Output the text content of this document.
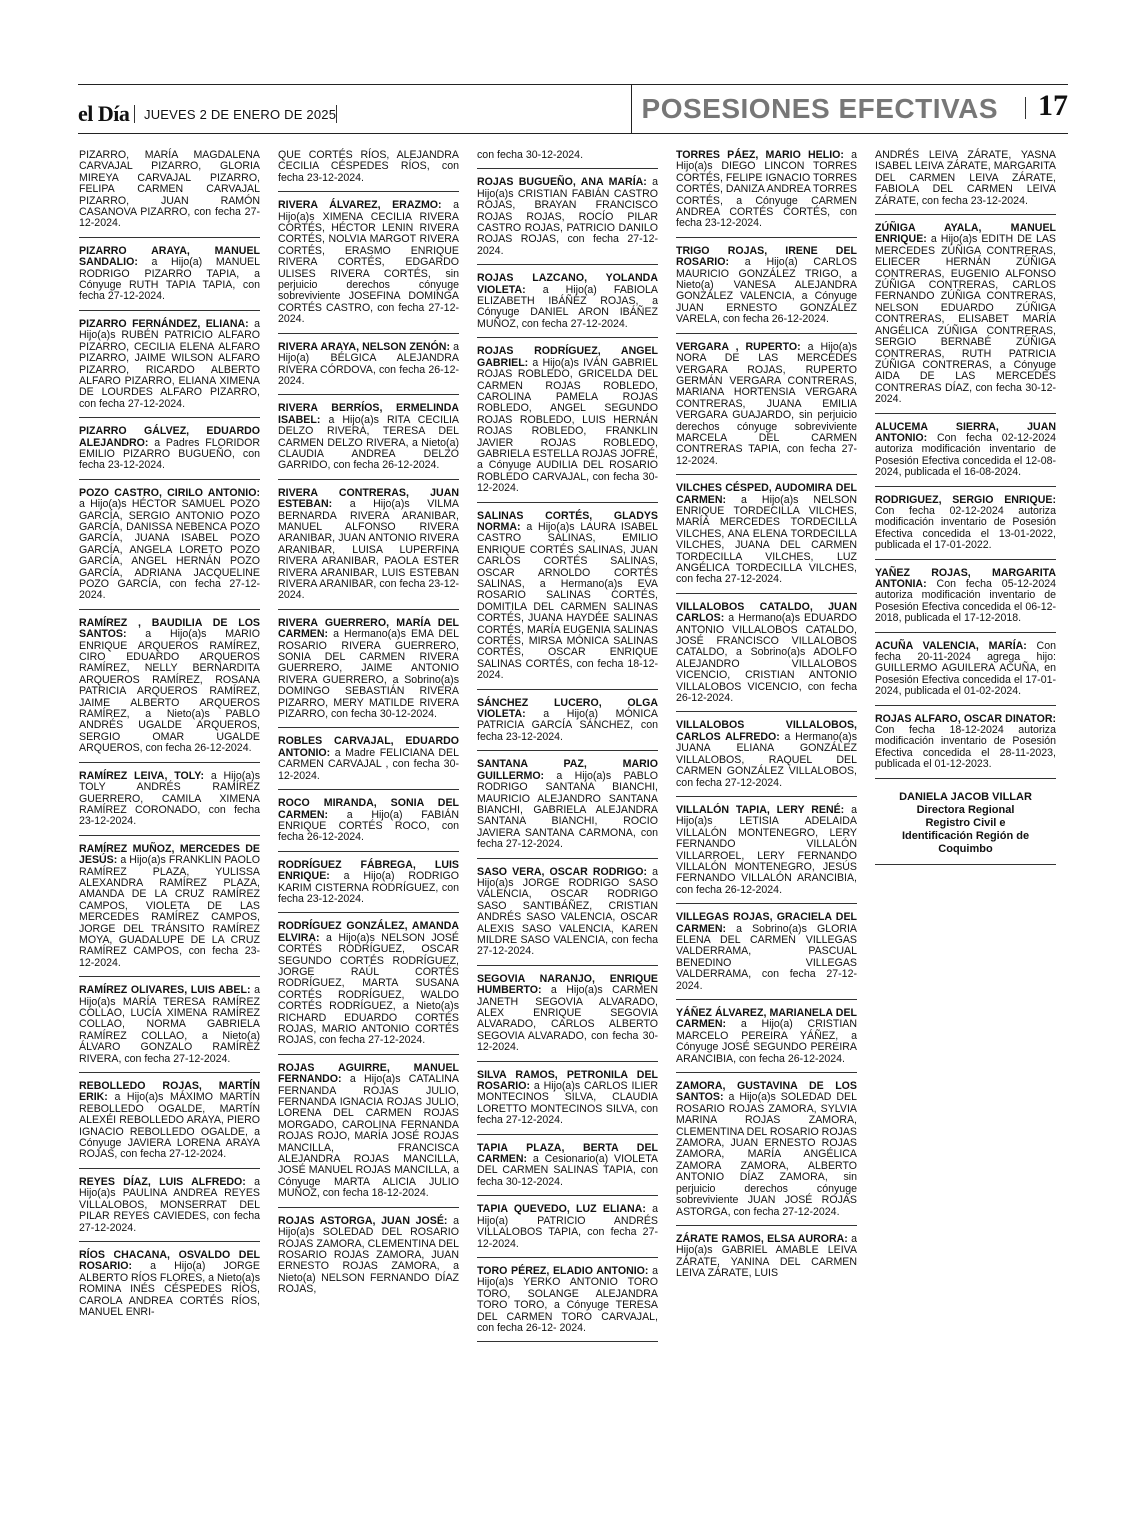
el Día JUEVES 2 DE ENERO DE 2025	POSESIONES EFECTIVAS 17
PIZARRO, MARÍA MAGDALENA CARVAJAL PIZARRO, GLORIA MIREYA CARVAJAL PIZARRO, FELIPA CARMEN CARVAJAL PIZARRO, JUAN RAMÓN CASANOVA PIZARRO, con fecha 27-12-2024.
PIZARRO ARAYA, MANUEL SANDALIO: a Hijo(a) MANUEL RODRIGO PIZARRO TAPIA, a Cónyuge RUTH TAPIA TAPIA, con fecha 27-12-2024.
PIZARRO FERNÁNDEZ, ELIANA: a Hijo(a)s RUBÉN PATRICIO ALFARO PIZARRO, CECILIA ELENA ALFARO PIZARRO, JAIME WILSON ALFARO PIZARRO, RICARDO ALBERTO ALFARO PIZARRO, ELIANA XIMENA DE LOURDES ALFARO PIZARRO, con fecha 27-12-2024.
PIZARRO GÁLVEZ, EDUARDO ALEJANDRO: a Padres FLORIDOR EMILIO PIZARRO BUGUEÑO, con fecha 23-12-2024.
POZO CASTRO, CIRILO ANTONIO: a Hijo(a)s HÉCTOR SAMUEL POZO GARCÍA, SERGIO ANTONIO POZO GARCÍA, DANISSA NEBENCA POZO GARCÍA, JUANA ISABEL POZO GARCÍA, ANGELA LORETO POZO GARCÍA, ANGEL HERNÁN POZO GARCÍA, ADRIANA JACQUELINE POZO GARCÍA, con fecha 27-12-2024.
RAMÍREZ , BAUDILIA DE LOS SANTOS: a Hijo(a)s MARIO ENRIQUE ARQUEROS RAMÍREZ, CIRO EDUARDO ARQUEROS RAMÍREZ, NELLY BERNARDITA ARQUEROS RAMÍREZ, ROSANA PATRICIA ARQUEROS RAMÍREZ, JAIME ALBERTO ARQUEROS RAMÍREZ, a Nieto(a)s PABLO ANDRÉS UGALDE ARQUEROS, SERGIO OMAR UGALDE ARQUEROS, con fecha 26-12-2024.
RAMÍREZ LEIVA, TOLY: a Hijo(a)s TOLY ANDRÉS RAMÍREZ GUERRERO, CAMILA XIMENA RAMÍREZ CORONADO, con fecha 23-12-2024.
RAMÍREZ MUÑOZ, MERCEDES DE JESÚS: a Hijo(a)s FRANKLIN PAOLO RAMÍREZ PLAZA, YULISSA ALEXANDRA RAMÍREZ PLAZA, AMANDA DE LA CRUZ RAMÍREZ CAMPOS, VIOLETA DE LAS MERCEDES RAMÍREZ CAMPOS, JORGE DEL TRÁNSITO RAMÍREZ MOYA, GUADALUPE DE LA CRUZ RAMÍREZ CAMPOS, con fecha 23-12-2024.
RAMÍREZ OLIVARES, LUIS ABEL: a Hijo(a)s MARÍA TERESA RAMÍREZ COLLAO, LUCÍA XIMENA RAMÍREZ COLLAO, NORMA GABRIELA RAMÍREZ COLLAO, a Nieto(a) ÁLVARO GONZALO RAMÍREZ RIVERA, con fecha 27-12-2024.
REBOLLEDO ROJAS, MARTÍN ERIK: a Hijo(a)s MÁXIMO MARTÍN REBOLLEDO OGALDE, MARTÍN ALEXÉI REBOLLEDO ARAYA, PIERO IGNACIO REBOLLEDO OGALDE, a Cónyuge JAVIERA LORENA ARAYA ROJAS, con fecha 27-12-2024.
REYES DÍAZ, LUIS ALFREDO: a Hijo(a)s PAULINA ANDREA REYES VILLALOBOS, MONSERRAT DEL PILAR REYES CAVIEDES, con fecha 27-12-2024.
RÍOS CHACANA, OSVALDO DEL ROSARIO: a Hijo(a) JORGE ALBERTO RÍOS FLORES, a Nieto(a)s ROMINA INÉS CÉSPEDES RÍOS, CAROLA ANDREA CORTÉS RÍOS, MANUEL ENRI-
QUE CORTÉS RÍOS, ALEJANDRA CECILIA CÉSPEDES RÍOS, con fecha 23-12-2024.
RIVERA ÁLVAREZ, ERAZMO: a Hijo(a)s XIMENA CECILIA RIVERA CORTÉS, HÉCTOR LENIN RIVERA CORTÉS, NOLVIA MARGOT RIVERA CORTÉS, ERASMO ENRIQUE RIVERA CORTÉS, EDGARDO ULISES RIVERA CORTÉS, sin perjuicio derechos cónyuge sobreviviente JOSEFINA DOMINGA CORTÉS CASTRO, con fecha 27-12-2024.
RIVERA ARAYA, NELSON ZENÓN: a Hijo(a) BÉLGICA ALEJANDRA RIVERA CÓRDOVA, con fecha 26-12-2024.
RIVERA BERRÍOS, ERMELINDA ISABEL: a Hijo(a)s RITA CECILIA DELZO RIVERA, TERESA DEL CARMEN DELZO RIVERA, a Nieto(a) CLAUDIA ANDREA DELZO GARRIDO, con fecha 26-12-2024.
RIVERA CONTRERAS, JUAN ESTEBAN: a Hijo(a)s VILMA BERNARDA RIVERA ARANIBAR, MANUEL ALFONSO RIVERA ARANIBAR, JUAN ANTONIO RIVERA ARANIBAR, LUISA LUPERFINA RIVERA ARANIBAR, PAOLA ESTER RIVERA ARANIBAR, LUIS ESTEBAN RIVERA ARANIBAR, con fecha 23-12-2024.
RIVERA GUERRERO, MARÍA DEL CARMEN: a Hermano(a)s EMA DEL ROSARIO RIVERA GUERRERO, SONIA DEL CARMEN RIVERA GUERRERO, JAIME ANTONIO RIVERA GUERRERO, a Sobrino(a)s DOMINGO SEBASTIÁN RIVERA PIZARRO, MERY MATILDE RIVERA PIZARRO, con fecha 30-12-2024.
ROBLES CARVAJAL, EDUARDO ANTONIO: a Madre FELICIANA DEL CARMEN CARVAJAL , con fecha 30-12-2024.
ROCO MIRANDA, SONIA DEL CARMEN: a Hijo(a) FABIÁN ENRIQUE CORTÉS ROCO, con fecha 26-12-2024.
RODRÍGUEZ FÁBREGA, LUIS ENRIQUE: a Hijo(a) RODRIGO KARIM CISTERNA RODRÍGUEZ, con fecha 23-12-2024.
RODRÍGUEZ GONZÁLEZ, AMANDA ELVIRA: a Hijo(a)s NELSON JOSÉ CORTÉS RODRÍGUEZ, OSCAR SEGUNDO CORTÉS RODRÍGUEZ, JORGE RAÚL CORTÉS RODRÍGUEZ, MARTA SUSANA CORTÉS RODRÍGUEZ, WALDO CORTÉS RODRÍGUEZ, a Nieto(a)s RICHARD EDUARDO CORTÉS ROJAS, MARIO ANTONIO CORTÉS ROJAS, con fecha 27-12-2024.
ROJAS AGUIRRE, MANUEL FERNANDO: a Hijo(a)s CATALINA FERNANDA ROJAS JULIO, FERNANDA IGNACIA ROJAS JULIO, LORENA DEL CARMEN ROJAS MORGADO, CAROLINA FERNANDA ROJAS ROJO, MARÍA JOSÉ ROJAS MANCILLA, FRANCISCA ALEJANDRA ROJAS MANCILLA, JOSÉ MANUEL ROJAS MANCILLA, a Cónyuge MARTA ALICIA JULIO MUÑOZ, con fecha 18-12-2024.
ROJAS ASTORGA, JUAN JOSÉ: a Hijo(a)s SOLEDAD DEL ROSARIO ROJAS ZAMORA, CLEMENTINA DEL ROSARIO ROJAS ZAMORA, JUAN ERNESTO ROJAS ZAMORA, a Nieto(a) NELSON FERNANDO DÍAZ ROJAS,
con fecha 30-12-2024.
ROJAS BUGUEÑO, ANA MARÍA: a Hijo(a)s CRISTIAN FABIÁN CASTRO ROJAS, BRAYAN FRANCISCO ROJAS ROJAS, ROCÍO PILAR CASTRO ROJAS, PATRICIO DANILO ROJAS ROJAS, con fecha 27-12-2024.
ROJAS LAZCANO, YOLANDA VIOLETA: a Hijo(a) FABIOLA ELIZABETH IBÁÑEZ ROJAS, a Cónyuge DANIEL ARON IBÁÑEZ MUÑOZ, con fecha 27-12-2024.
ROJAS RODRÍGUEZ, ANGEL GABRIEL: a Hijo(a)s IVÁN GABRIEL ROJAS ROBLEDO, GRICELDA DEL CARMEN ROJAS ROBLEDO, CAROLINA PAMELA ROJAS ROBLEDO, ANGEL SEGUNDO ROJAS ROBLEDO, LUIS HERNÁN ROJAS ROBLEDO, FRANKLIN JAVIER ROJAS ROBLEDO, GABRIELA ESTELLA ROJAS JOFRÉ, a Cónyuge AUDILIA DEL ROSARIO ROBLEDO CARVAJAL, con fecha 30-12-2024.
SALINAS CORTÉS, GLADYS NORMA: a Hijo(a)s LAURA ISABEL CASTRO SALINAS, EMILIO ENRIQUE CORTÉS SALINAS, JUAN CARLOS CORTÉS SALINAS, OSCAR ARNOLDO CORTÉS SALINAS, a Hermano(a)s EVA ROSARIO SALINAS CORTÉS, DOMITILA DEL CARMEN SALINAS CORTÉS, JUANA HAYDÉE SALINAS CORTÉS, MARÍA EUGENIA SALINAS CORTÉS, MIRSA MÓNICA SALINAS CORTÉS, OSCAR ENRIQUE SALINAS CORTÉS, con fecha 18-12-2024.
SÁNCHEZ LUCERO, OLGA VIOLETA: a Hijo(a) MÓNICA PATRICIA GARCÍA SÁNCHEZ, con fecha 23-12-2024.
SANTANA PAZ, MARIO GUILLERMO: a Hijo(a)s PABLO RODRIGO SANTANA BIANCHI, MAURICIO ALEJANDRO SANTANA BIANCHI, GABRIELA ALEJANDRA SANTANA BIANCHI, ROCIO JAVIERA SANTANA CARMONA, con fecha 27-12-2024.
SASO VERA, OSCAR RODRIGO: a Hijo(a)s JORGE RODRIGO SASO VALENCIA, OSCAR RODRIGO SASO SANTIBÁÑEZ, CRISTIAN ANDRÉS SASO VALENCIA, OSCAR ALEXIS SASO VALENCIA, KAREN MILDRE SASO VALENCIA, con fecha 27-12-2024.
SEGOVIA NARANJO, ENRIQUE HUMBERTO: a Hijo(a)s CARMEN JANETH SEGOVIA ALVARADO, ALEX ENRIQUE SEGOVIA ALVARADO, CARLOS ALBERTO SEGOVIA ALVARADO, con fecha 30-12-2024.
SILVA RAMOS, PETRONILA DEL ROSARIO: a Hijo(a)s CARLOS ILIER MONTECINOS SILVA, CLAUDIA LORETTO MONTECINOS SILVA, con fecha 27-12-2024.
TAPIA PLAZA, BERTA DEL CARMEN: a Cesionario(a) VIOLETA DEL CARMEN SALINAS TAPIA, con fecha 30-12-2024.
TAPIA QUEVEDO, LUZ ELIANA: a Hijo(a) PATRICIO ANDRÉS VILLALOBOS TAPIA, con fecha 27-12-2024.
TORO PÉREZ, ELADIO ANTONIO: a Hijo(a)s YERKO ANTONIO TORO TORO, SOLANGE ALEJANDRA TORO TORO, a Cónyuge TERESA DEL CARMEN TORO CARVAJAL, con fecha 26-12- 2024.
TORRES PÁEZ, MARIO HELIO: a Hijo(a)s DIEGO LINCON TORRES CORTÉS, FELIPE IGNACIO TORRES CORTÉS, DANIZA ANDREA TORRES CORTÉS, a Cónyuge CARMEN ANDREA CORTÉS CORTÉS, con fecha 23-12-2024.
TRIGO ROJAS, IRENE DEL ROSARIO: a Hijo(a) CARLOS MAURICIO GONZÁLEZ TRIGO, a Nieto(a) VANESA ALEJANDRA GONZÁLEZ VALENCIA, a Cónyuge JUAN ERNESTO GONZÁLEZ VARELA, con fecha 26-12-2024.
VERGARA , RUPERTO: a Hijo(a)s NORA DE LAS MERCEDES VERGARA ROJAS, RUPERTO GERMÁN VERGARA CONTRERAS, MARIANA HORTENSIA VERGARA CONTRERAS, JUANA EMILIA VERGARA GUAJARDO, sin perjuicio derechos cónyuge sobreviviente MARCELA DEL CARMEN CONTRERAS TAPIA, con fecha 27-12-2024.
VILCHES CÉSPED, AUDOMIRA DEL CARMEN: a Hijo(a)s NELSON ENRIQUE TORDECILLA VILCHES, MARÍA MERCEDES TORDECILLA VILCHES, ANA ELENA TORDECILLA VILCHES, JUANA DEL CARMEN TORDECILLA VILCHES, LUZ ANGÉLICA TORDECILLA VILCHES, con fecha 27-12-2024.
VILLALOBOS CATALDO, JUAN CARLOS: a Hermano(a)s EDUARDO ANTONIO VILLALOBOS CATALDO, JOSÉ FRANCISCO VILLALOBOS CATALDO, a Sobrino(a)s ADOLFO ALEJANDRO VILLALOBOS VICENCIO, CRISTIAN ANTONIO VILLALOBOS VICENCIO, con fecha 26-12-2024.
VILLALOBOS VILLALOBOS, CARLOS ALFREDO: a Hermano(a)s JUANA ELIANA GONZÁLEZ VILLALOBOS, RAQUEL DEL CARMEN GONZÁLEZ VILLALOBOS, con fecha 27-12-2024.
VILLALÓN TAPIA, LERY RENÉ: a Hijo(a)s LETISIA ADELAIDA VILLALÓN MONTENEGRO, LERY FERNANDO VILLALÓN VILLARROEL, LERY FERNANDO VILLALÓN MONTENEGRO, JESÚS FERNANDO VILLALÓN ARANCIBIA, con fecha 26-12-2024.
VILLEGAS ROJAS, GRACIELA DEL CARMEN: a Sobrino(a)s GLORIA ELENA DEL CARMEN VILLEGAS VALDERRAMA, PASCUAL BENEDINO VILLEGAS VALDERRAMA, con fecha 27-12-2024.
YÁÑEZ ÁLVAREZ, MARIANELA DEL CARMEN: a Hijo(a) CRISTIAN MARCELO PEREIRA YÁÑEZ, a Cónyuge JOSÉ SEGUNDO PEREIRA ARANCIBIA, con fecha 26-12-2024.
ZAMORA, GUSTAVINA DE LOS SANTOS: a Hijo(a)s SOLEDAD DEL ROSARIO ROJAS ZAMORA, SYLVIA MARINA ROJAS ZAMORA, CLEMENTINA DEL ROSARIO ROJAS ZAMORA, JUAN ERNESTO ROJAS ZAMORA, MARÍA ANGÉLICA ZAMORA ZAMORA, ALBERTO ANTONIO DÍAZ ZAMORA, sin perjuicio derechos cónyuge sobreviviente JUAN JOSÉ ROJAS ASTORGA, con fecha 27-12-2024.
ZÁRATE RAMOS, ELSA AURORA: a Hijo(a)s GABRIEL AMABLE LEIVA ZÁRATE, YANINA DEL CARMEN LEIVA ZÁRATE, LUIS
ANDRÉS LEIVA ZÁRATE, YASNA ISABEL LEIVA ZÁRATE, MARGARITA DEL CARMEN LEIVA ZÁRATE, FABIOLA DEL CARMEN LEIVA ZÁRATE, con fecha 23-12-2024.
ZÚÑIGA AYALA, MANUEL ENRIQUE: a Hijo(a)s EDITH DE LAS MERCEDES ZÚÑIGA CONTRERAS, ELIECER HERNÁN ZÚÑIGA CONTRERAS, EUGENIO ALFONSO ZÚÑIGA CONTRERAS, CARLOS FERNANDO ZÚÑIGA CONTRERAS, NELSON EDUARDO ZÚÑIGA CONTRERAS, ELISABET MARÍA ANGÉLICA ZÚÑIGA CONTRERAS, SERGIO BERNABÉ ZÚÑIGA CONTRERAS, RUTH PATRICIA ZÚÑIGA CONTRERAS, a Cónyuge AIDA DE LAS MERCEDES CONTRERAS DÍAZ, con fecha 30-12-2024.
ALUCEMA SIERRA, JUAN ANTONIO: Con fecha 02-12-2024 autoriza modificación inventario de Posesión Efectiva concedida el 12-08-2024, publicada el 16-08-2024.
RODRIGUEZ, SERGIO ENRIQUE: Con fecha 02-12-2024 autoriza modificación inventario de Posesión Efectiva concedida el 13-01-2022, publicada el 17-01-2022.
YAÑEZ ROJAS, MARGARITA ANTONIA: Con fecha 05-12-2024 autoriza modificación inventario de Posesión Efectiva concedida el 06-12-2018, publicada el 17-12-2018.
ACUÑA VALENCIA, MARÍA: Con fecha 20-11-2024 agrega hijo: GUILLERMO AGUILERA ACUÑA, en Posesión Efectiva concedida el 17-01-2024, publicada el 01-02-2024.
ROJAS ALFARO, OSCAR DINATOR: Con fecha 18-12-2024 autoriza modificación inventario de Posesión Efectiva concedida el 28-11-2023, publicada el 01-12-2023.
DANIELA JACOB VILLAR
Directora Regional
Registro Civil e
Identificación Región de
Coquimbo
